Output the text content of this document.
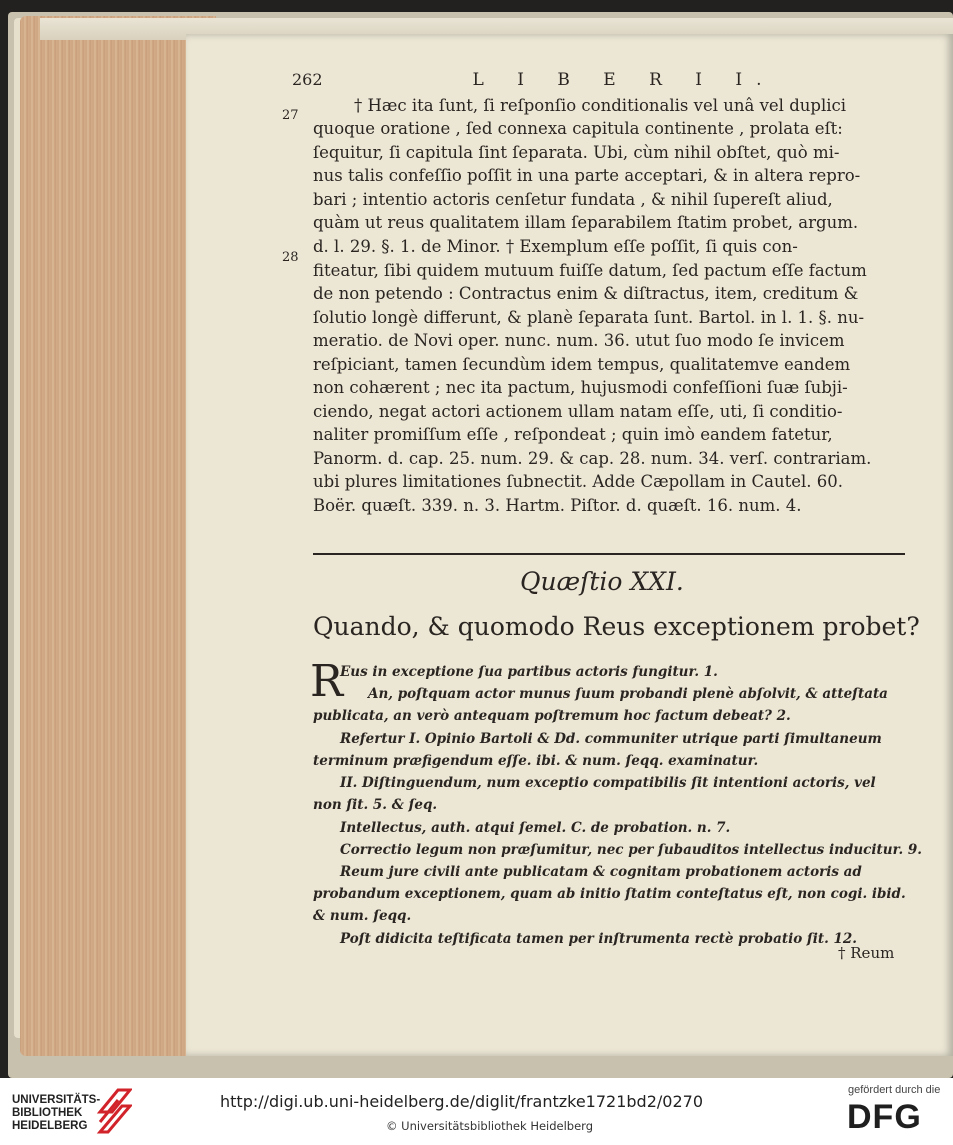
262	L I B E R I I.
27
28
† Hæc ita ſunt, ſi reſponſio conditionalis vel unâ vel duplici
quoque oratione , ſed connexa capitula continente , prolata eſt:
ſequitur, ſi capitula ſint ſeparata. Ubi, cùm nihil obſtet, quò mi-
nus talis confeſſio poſſit in una parte acceptari, & in altera repro-
bari ; intentio actoris cenſetur fundata , & nihil ſupereſt aliud,
quàm ut reus qualitatem illam ſeparabilem ſtatim probet, argum.
d. l. 29. §. 1. de Minor. † Exemplum eſſe poſſit, ſi quis con-
fiteatur, ſibi quidem mutuum fuiſſe datum, ſed pactum eſſe factum
de non petendo : Contractus enim & diſtractus, item, creditum &
ſolutio longè differunt, & planè ſeparata ſunt. Bartol. in l. 1. §. nu-
meratio. de Novi oper. nunc. num. 36. utut ſuo modo ſe invicem
reſpiciant, tamen ſecundùm idem tempus, qualitatemve eandem
non cohærent ; nec ita pactum, hujusmodi confeſſioni ſuæ ſubji-
ciendo, negat actori actionem ullam natam eſſe, uti, ſi conditio-
naliter promiſſum eſſe , reſpondeat ; quin imò eandem fatetur,
Panorm. d. cap. 25. num. 29. & cap. 28. num. 34. verſ. contrariam.
ubi plures limitationes ſubnectit. Adde Cæpollam in Cautel. 60.
Boër. quæſt. 339. n. 3. Hartm. Piſtor. d. quæſt. 16. num. 4.
Quæſtio XXI.
Quando, & quomodo Reus exceptionem probet?
R
Eus in exceptione ſua partibus actoris fungitur. 1.
An, poſtquam actor munus ſuum probandi plenè abſolvit, & atteſtata
publicata, an verò antequam poſtremum hoc factum debeat? 2.
Refertur I. Opinio Bartoli & Dd. communiter utrique parti ſimultaneum
terminum præfigendum eſſe. ibi. & num. ſeqq. examinatur.
II. Diſtinguendum, num exceptio compatibilis ſit intentioni actoris, vel
non ſit. 5. & ſeq.
Intellectus, auth. atqui ſemel. C. de probation. n. 7.
Correctio legum non præſumitur, nec per ſubauditos intellectus inducitur. 9.
Reum jure civili ante publicatam & cognitam probationem actoris ad
probandum exceptionem, quam ab initio ſtatim conteſtatus eſt, non cogi. ibid.
& num. ſeqq.
Poſt didicita teſtificata tamen per inſtrumenta rectè probatio ſit. 12.
† Reum
UNIVERSITÄTS-
BIBLIOTHEK
HEIDELBERG
http://digi.ub.uni-heidelberg.de/diglit/frantzke1721bd2/0270
© Universitätsbibliothek Heidelberg
gefördert durch die
DFG
